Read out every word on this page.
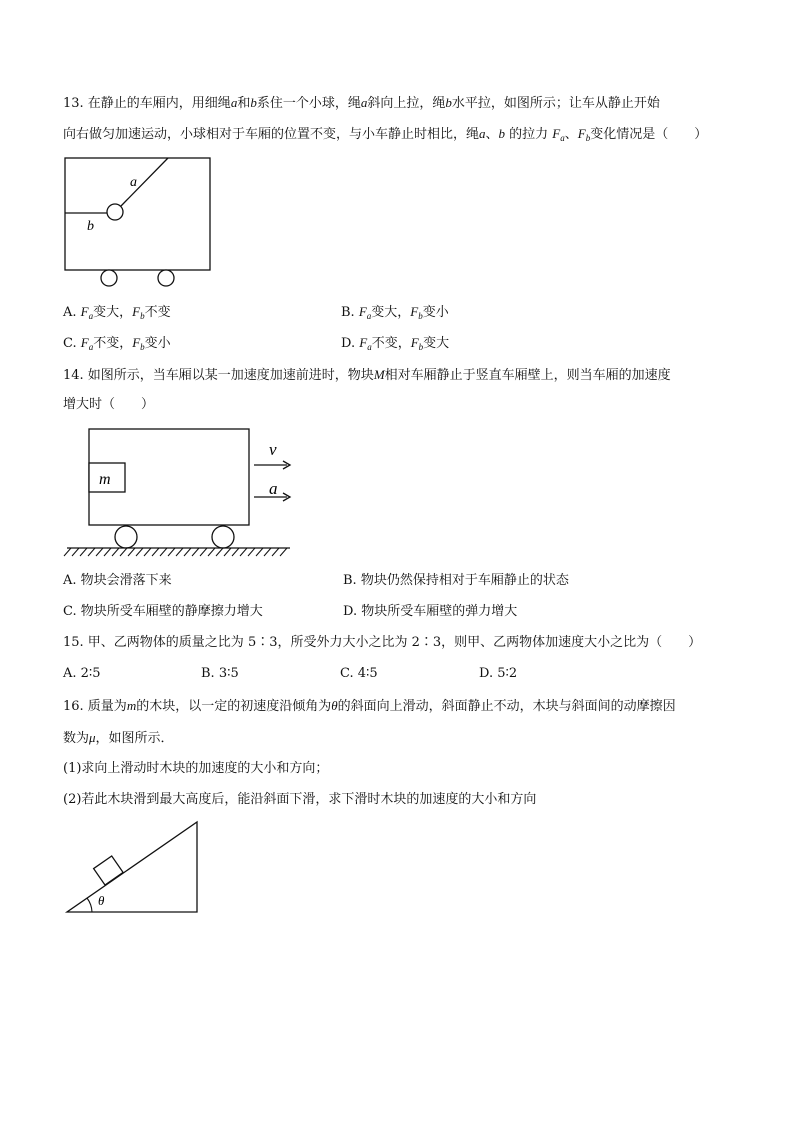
13. 在静止的车厢内，用细绳a和b系住一个小球，绳a斜向上拉，绳b水平拉，如图所示；让车从静止开始
向右做匀加速运动，小球相对于车厢的位置不变，与小车静止时相比，绳a、b 的拉力 $F_a$、$F_b$变化情况是（　　）
a
b
A. $F_a$变大，$F_b$不变	B. $F_a$变大，$F_b$变小
C. $F_a$不变，$F_b$变小	D. $F_a$不变，$F_b$变大
14. 如图所示，当车厢以某一加速度加速前进时，物块M相对车厢静止于竖直车厢壁上，则当车厢的加速度
增大时（　　）
m
v
a
A. 物块会滑落下来	B. 物块仍然保持相对于车厢静止的状态
C. 物块所受车厢壁的静摩擦力增大	D. 物块所受车厢壁的弹力增大
15. 甲、乙两物体的质量之比为 5∶3，所受外力大小之比为 2∶3，则甲、乙两物体加速度大小之比为（　　）
A. 2∶5	B. 3∶5	C. 4∶5	D. 5∶2
16. 质量为m的木块，以一定的初速度沿倾角为θ的斜面向上滑动，斜面静止不动，木块与斜面间的动摩擦因
数为μ，如图所示．
(1)求向上滑动时木块的加速度的大小和方向；
(2)若此木块滑到最大高度后，能沿斜面下滑，求下滑时木块的加速度的大小和方向
θ
